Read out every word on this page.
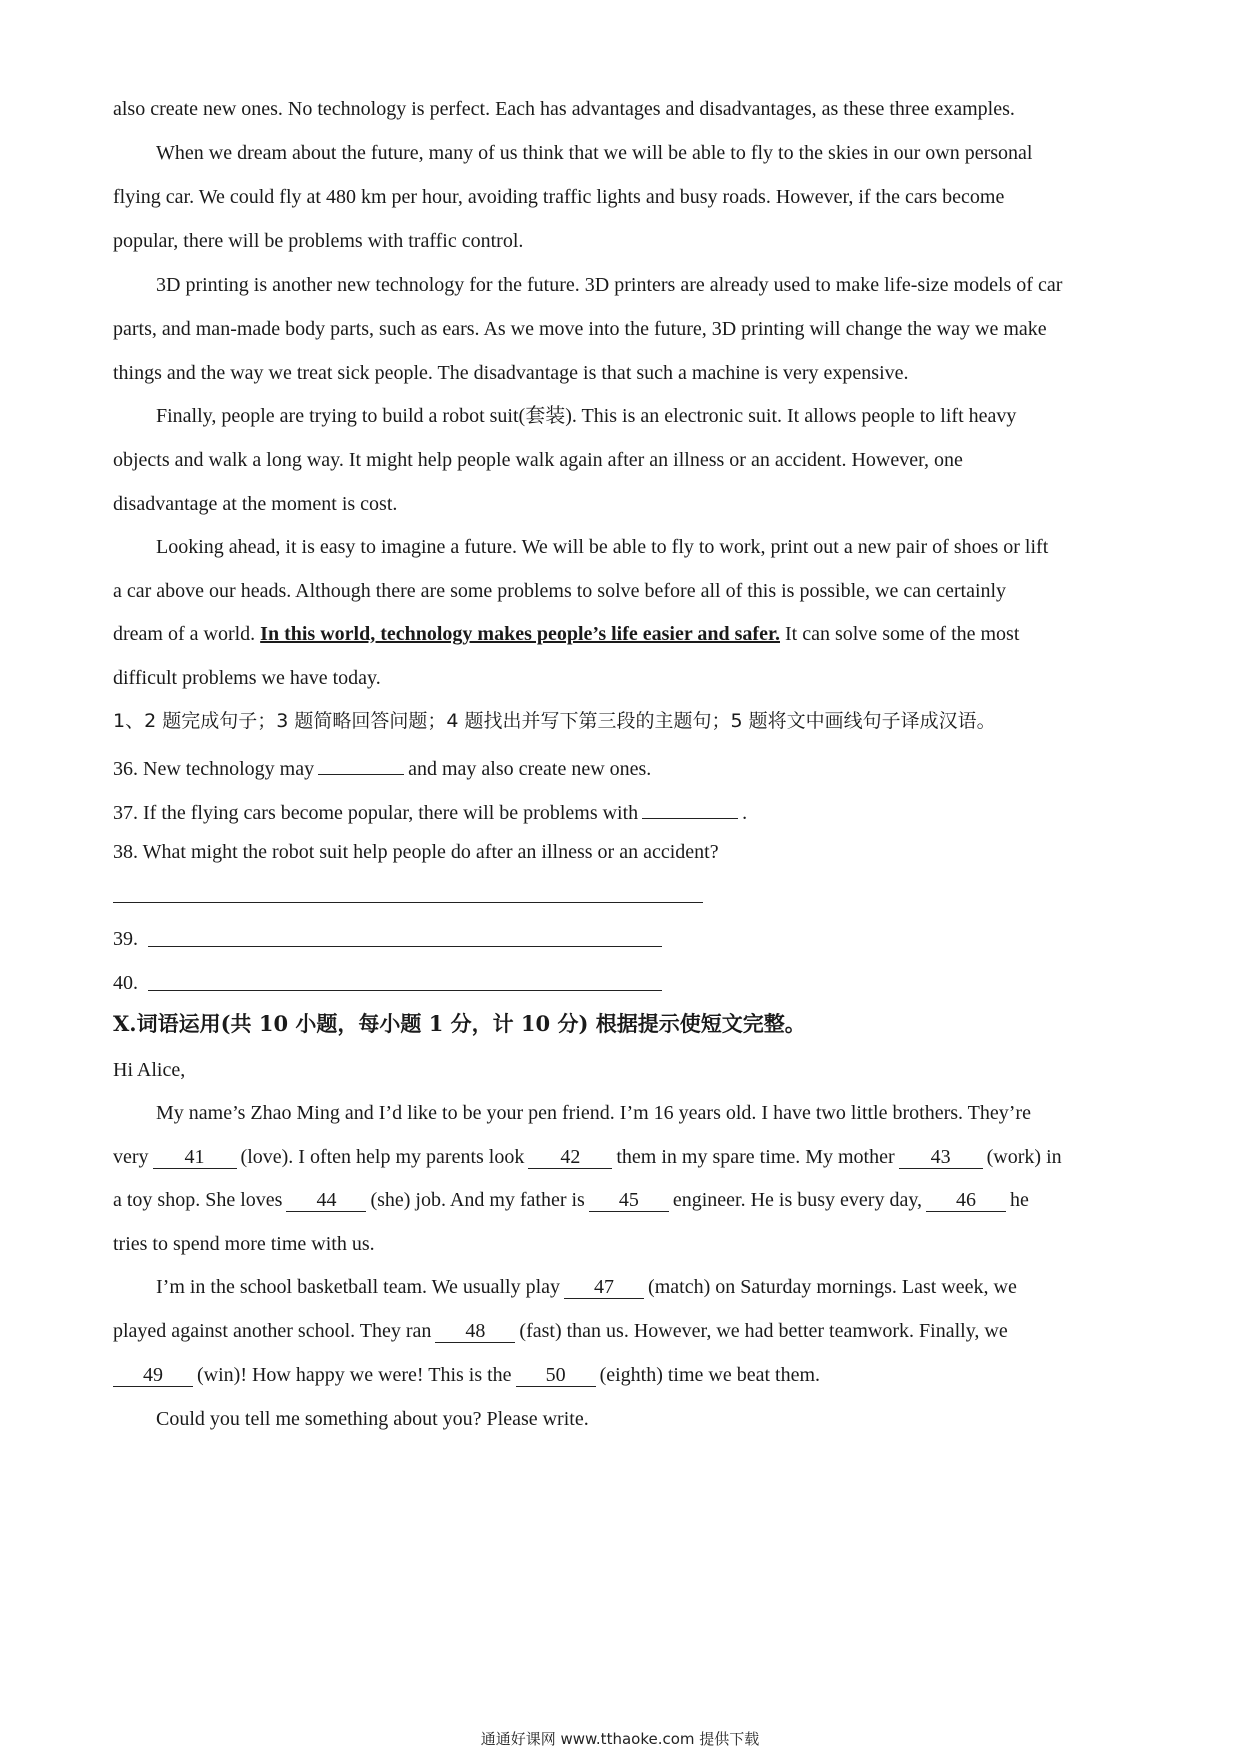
also create new ones. No technology is perfect. Each has advantages and disadvantages, as these three examples.
When we dream about the future, many of us think that we will be able to fly to the skies in our own personal
flying car. We could fly at 480 km per hour, avoiding traffic lights and busy roads. However, if the cars become
popular, there will be problems with traffic control.
3D printing is another new technology for the future. 3D printers are already used to make life-size models of car
parts, and man-made body parts, such as ears. As we move into the future, 3D printing will change the way we make
things and the way we treat sick people. The disadvantage is that such a machine is very expensive.
Finally, people are trying to build a robot suit(套装). This is an electronic suit. It allows people to lift heavy
objects and walk a long way. It might help people walk again after an illness or an accident. However, one
disadvantage at the moment is cost.
Looking ahead, it is easy to imagine a future. We will be able to fly to work, print out a new pair of shoes or lift
a car above our heads. Although there are some problems to solve before all of this is possible, we can certainly
dream of a world. In this world, technology makes people’s life easier and safer. It can solve some of the most
difficult problems we have today.
1、2 题完成句子；3 题简略回答问题；4 题找出并写下第三段的主题句；5 题将文中画线句子译成汉语。
36. New technology may	and may also create new ones.
37. If the flying cars become popular, there will be problems with	.
38. What might the robot suit help people do after an illness or an accident?
39.
40.
X.词语运用(共 10 小题，每小题 1 分，计 10 分) 根据提示使短文完整。
Hi Alice,
My name’s Zhao Ming and I’d like to be your pen friend. I’m 16 years old. I have two little brothers. They’re
very 41 (love). I often help my parents look 42 them in my spare time. My mother 43 (work) in
a toy shop. She loves 44 (she) job. And my father is 45 engineer. He is busy every day, 46 he
tries to spend more time with us.
I’m in the school basketball team. We usually play 47 (match) on Saturday mornings. Last week, we
played against another school. They ran 48 (fast) than us. However, we had better teamwork. Finally, we
49 (win)! How happy we were! This is the 50 (eighth) time we beat them.
Could you tell me something about you? Please write.
通通好课网 www.tthaoke.com 提供下载
